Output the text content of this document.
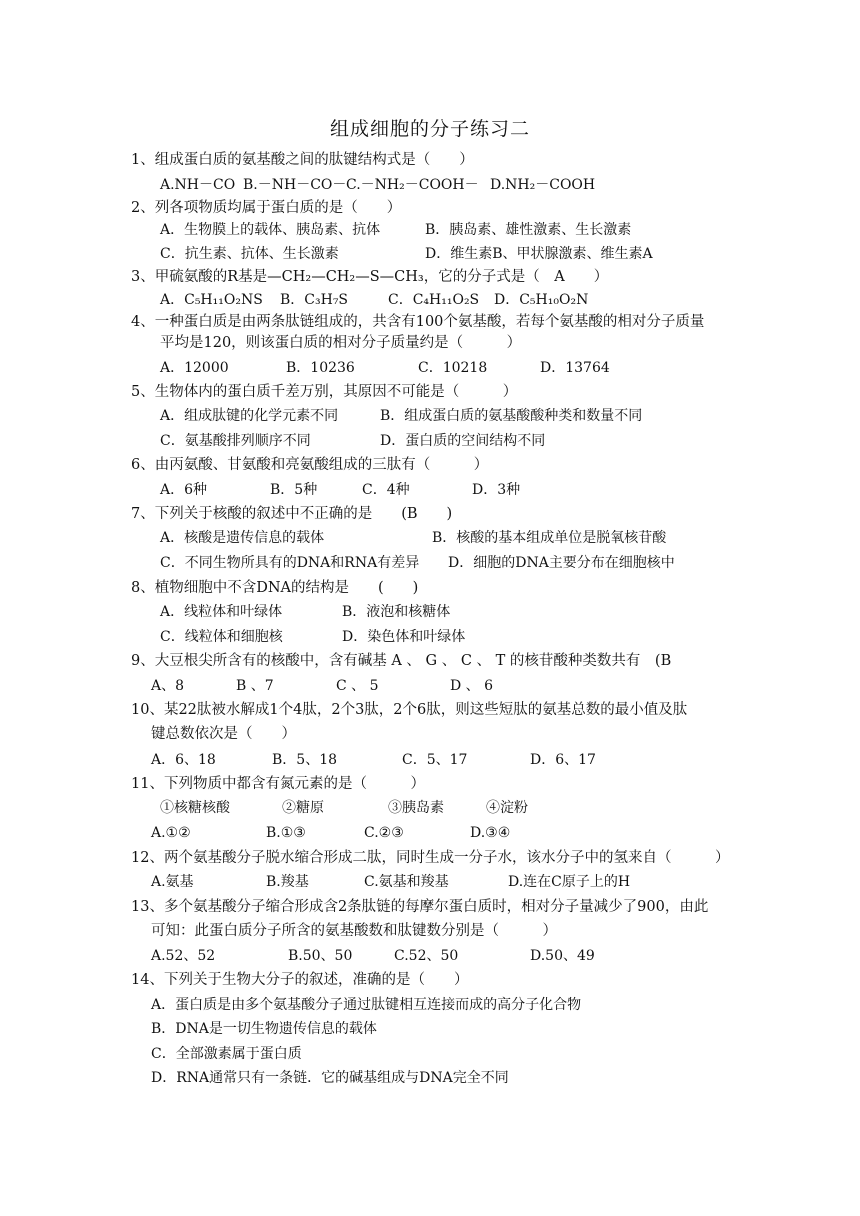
组成细胞的分子练习二
1、组成蛋白质的氨基酸之间的肽键结构式是（　　）
A.NH－CO B.－NH－CO－ C.－NH₂－COOH－ D.NH₂－COOH
2、列各项物质均属于蛋白质的是（　　）
A．生物膜上的载体、胰岛素、抗体	B．胰岛素、雄性激素、生长激素
C．抗生素、抗体、生长激素	D．维生素B、甲状腺激素、维生素A
3、甲硫氨酸的R基是—CH₂—CH₂—S—CH₃，它的分子式是（　A　　）
A．C₅H₁₁O₂NS B．C₃H₇S	C．C₄H₁₁O₂S D．C₅H₁₀O₂N
4、一种蛋白质是由两条肽链组成的，共含有100个氨基酸，若每个氨基酸的相对分子质量
平均是120，则该蛋白质的相对分子质量约是（　　　）
A．12000	B．10236	C．10218	D．13764
5、生物体内的蛋白质千差万别，其原因不可能是（　　　）
A．组成肽键的化学元素不同	B．组成蛋白质的氨基酸酸种类和数量不同
C．氨基酸排列顺序不同	D．蛋白质的空间结构不同
6、由丙氨酸、甘氨酸和亮氨酸组成的三肽有（　　　）
A．6种	B．5种	C．4种	D．3种
7、下列关于核酸的叙述中不正确的是　　(B　　)
A．核酸是遗传信息的载体	B．核酸的基本组成单位是脱氧核苷酸
C．不同生物所具有的DNA和RNA有差异 D．细胞的DNA主要分布在细胞核中
8、植物细胞中不含DNA的结构是　　(　　)
A．线粒体和叶绿体	B．液泡和核糖体
C．线粒体和细胞核	D．染色体和叶绿体
9、大豆根尖所含有的核酸中，含有碱基 A 、 G 、 C 、 T 的核苷酸种类数共有　(B
A、8	B 、7	C 、 5	D 、 6
10、某22肽被水解成1个4肽，2个3肽，2个6肽，则这些短肽的氨基总数的最小值及肽
键总数依次是（　　）
A．6、18	B．5、18	C．5、17	D．6、17
11、下列物质中都含有氮元素的是（　　　）
①核糖核酸	②糖原	③胰岛素	④淀粉
A.①②	B.①③	C.②③	D.③④
12、两个氨基酸分子脱水缩合形成二肽，同时生成一分子水，该水分子中的氢来自（　　　）
A.氨基	B.羧基	C.氨基和羧基	D.连在C原子上的H
13、多个氨基酸分子缩合形成含2条肽链的每摩尔蛋白质时，相对分子量减少了900，由此
可知：此蛋白质分子所含的氨基酸数和肽键数分别是（　　　）
A.52、52	B.50、50	C.52、50	D.50、49
14、下列关于生物大分子的叙述，准确的是（　　）
A．蛋白质是由多个氨基酸分子通过肽键相互连接而成的高分子化合物
B．DNA是一切生物遗传信息的载体
C．全部激素属于蛋白质
D．RNA通常只有一条链．它的碱基组成与DNA完全不同
